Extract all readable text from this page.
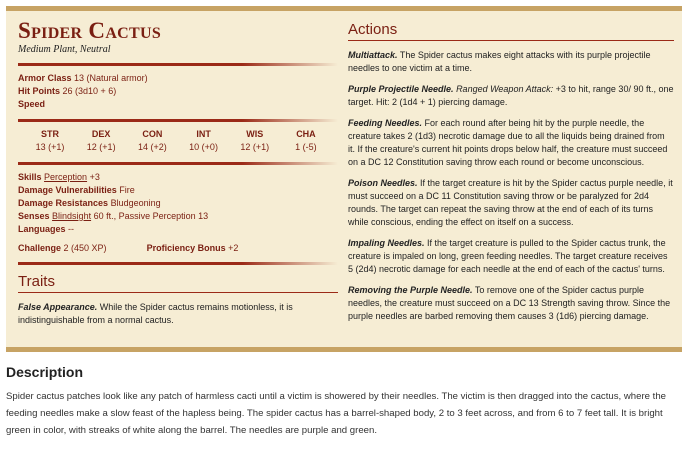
Spider Cactus
Medium Plant, Neutral
Armor Class 13 (Natural armor)
Hit Points 26 (3d10 + 6)
Speed
STR
13 (+1)
DEX
12 (+1)
CON
14 (+2)
INT
10 (+0)
WIS
12 (+1)
CHA
1 (-5)
Skills Perception +3
Damage Vulnerabilities Fire
Damage Resistances Bludgeoning
Senses Blindsight 60 ft., Passive Perception 13
Languages --
Challenge 2 (450 XP)	Proficiency Bonus +2
Traits
False Appearance. While the Spider cactus remains motionless, it is indistinguishable from a normal cactus.
Actions
Multiattack. The Spider cactus makes eight attacks with its purple projectile needles to one victim at a time.
Purple Projectile Needle. Ranged Weapon Attack: +3 to hit, range 30/ 90 ft., one target. Hit: 2 (1d4 + 1) piercing damage.
Feeding Needles. For each round after being hit by the purple needle, the creature takes 2 (1d3) necrotic damage due to all the liquids being drained from it. If the creature's current hit points drops below half, the creature must succeed on a DC 12 Constitution saving throw each round or become unconscious.
Poison Needles. If the target creature is hit by the Spider cactus purple needle, it must succeed on a DC 11 Constitution saving throw or be paralyzed for 2d4 rounds. The target can repeat the saving throw at the end of each of its turns while conscious, ending the effect on itself on a success.
Impaling Needles. If the target creature is pulled to the Spider cactus trunk, the creature is impaled on long, green feeding needles. The target creature receives 5 (2d4) necrotic damage for each needle at the end of each of the cactus' turns.
Removing the Purple Needle. To remove one of the Spider cactus purple needles, the creature must succeed on a DC 13 Strength saving throw. Since the purple needles are barbed removing them causes 3 (1d6) piercing damage.
Description
Spider cactus patches look like any patch of harmless cacti until a victim is showered by their needles. The victim is then dragged into the cactus, where the feeding needles make a slow feast of the hapless being. The spider cactus has a barrel-shaped body, 2 to 3 feet across, and from 6 to 7 feet tall. It is bright green in color, with streaks of white along the barrel. The needles are purple and green.
